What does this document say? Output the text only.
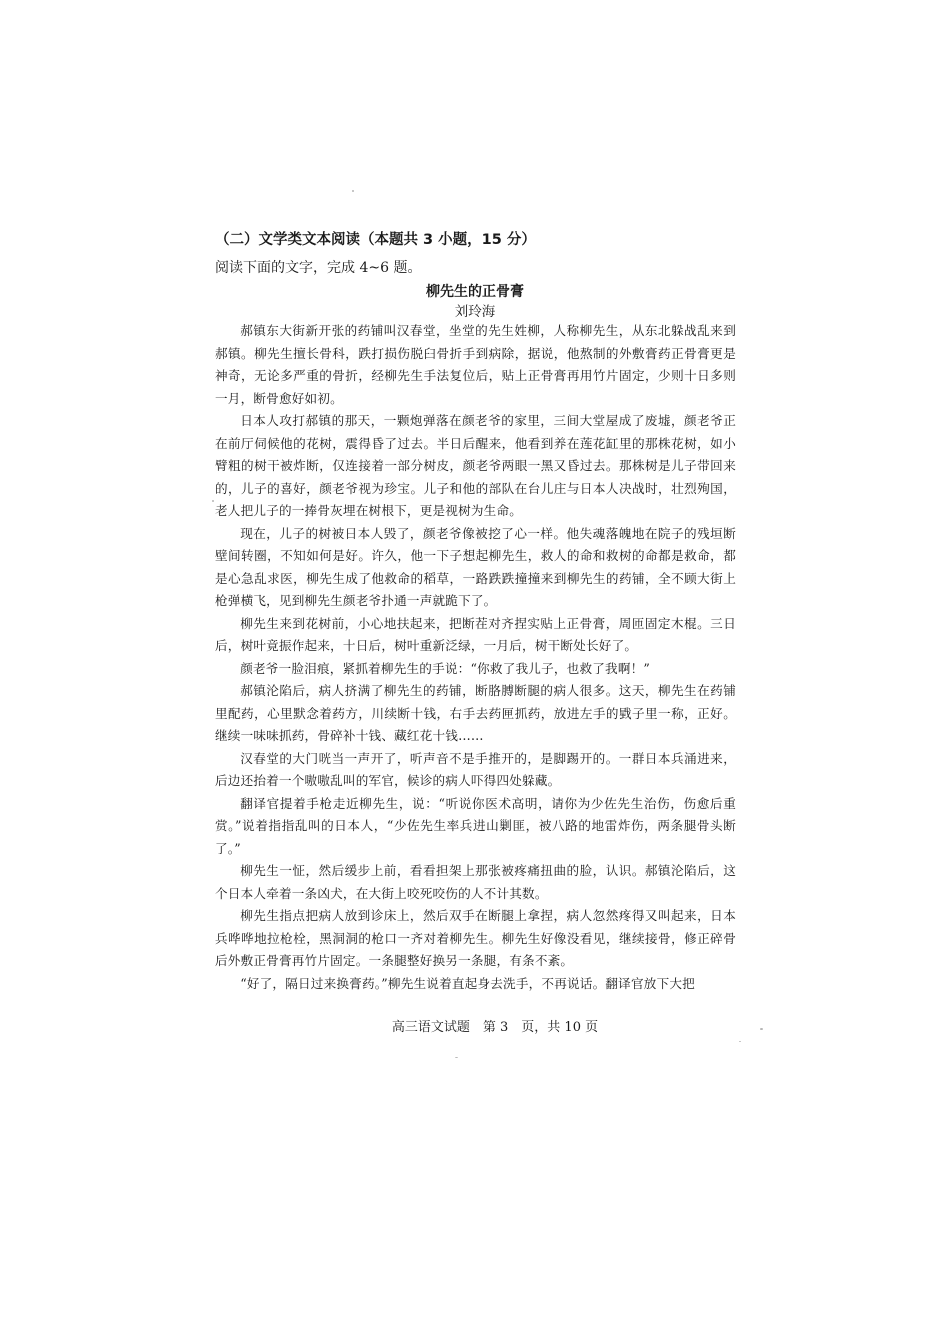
（二）文学类文本阅读（本题共 3 小题，15 分）
阅读下面的文字，完成 4~6 题。
柳先生的正骨膏
刘玲海

郝镇东大街新开张的药铺叫汉春堂，坐堂的先生姓柳，人称柳先生，从东北躲战乱来到郝镇。柳先生擅长骨科，跌打损伤脱臼骨折手到病除，据说，他熬制的外敷膏药正骨膏更是神奇，无论多严重的骨折，经柳先生手法复位后，贴上正骨膏再用竹片固定，少则十日多则一月，断骨愈好如初。

日本人攻打郝镇的那天，一颗炮弹落在颜老爷的家里，三间大堂屋成了废墟，颜老爷正在前厅伺候他的花树，震得昏了过去。半日后醒来，他看到养在莲花缸里的那株花树，如小臂粗的树干被炸断，仅连接着一部分树皮，颜老爷两眼一黑又昏过去。那株树是儿子带回来的，儿子的喜好，颜老爷视为珍宝。儿子和他的部队在台儿庄与日本人决战时，壮烈殉国，老人把儿子的一捧骨灰埋在树根下，更是视树为生命。

现在，儿子的树被日本人毁了，颜老爷像被挖了心一样。他失魂落魄地在院子的残垣断壁间转圈，不知如何是好。许久，他一下子想起柳先生，救人的命和救树的命都是救命，都是心急乱求医，柳先生成了他救命的稻草，一路跌跌撞撞来到柳先生的药铺，全不顾大街上枪弹横飞，见到柳先生颜老爷扑通一声就跪下了。

柳先生来到花树前，小心地扶起来，把断茬对齐捏实贴上正骨膏，周匝固定木棍。三日后，树叶竟振作起来，十日后，树叶重新泛绿，一月后，树干断处长好了。

颜老爷一脸泪痕，紧抓着柳先生的手说：“你救了我儿子，也救了我啊！”

郝镇沦陷后，病人挤满了柳先生的药铺，断胳膊断腿的病人很多。这天，柳先生在药铺里配药，心里默念着药方，川续断十钱，右手去药匣抓药，放进左手的戥子里一称，正好。继续一味味抓药，骨碎补十钱、藏红花十钱……

汉春堂的大门咣当一声开了，听声音不是手推开的，是脚踢开的。一群日本兵涌进来，后边还抬着一个嗷嗷乱叫的军官，候诊的病人吓得四处躲藏。

翻译官提着手枪走近柳先生，说：“听说你医术高明，请你为少佐先生治伤，伤愈后重赏。”说着指指乱叫的日本人，“少佐先生率兵进山剿匪，被八路的地雷炸伤，两条腿骨头断了。”

柳先生一怔，然后缓步上前，看看担架上那张被疼痛扭曲的脸，认识。郝镇沦陷后，这个日本人牵着一条凶犬，在大街上咬死咬伤的人不计其数。

柳先生指点把病人放到诊床上，然后双手在断腿上拿捏，病人忽然疼得又叫起来，日本兵哗哗地拉枪栓，黑洞洞的枪口一齐对着柳先生。柳先生好像没看见，继续接骨，修正碎骨后外敷正骨膏再竹片固定。一条腿整好换另一条腿，有条不紊。

“好了，隔日过来换膏药。”柳先生说着直起身去洗手，不再说话。翻译官放下大把

高三语文试题　第 3　页，共 10 页
